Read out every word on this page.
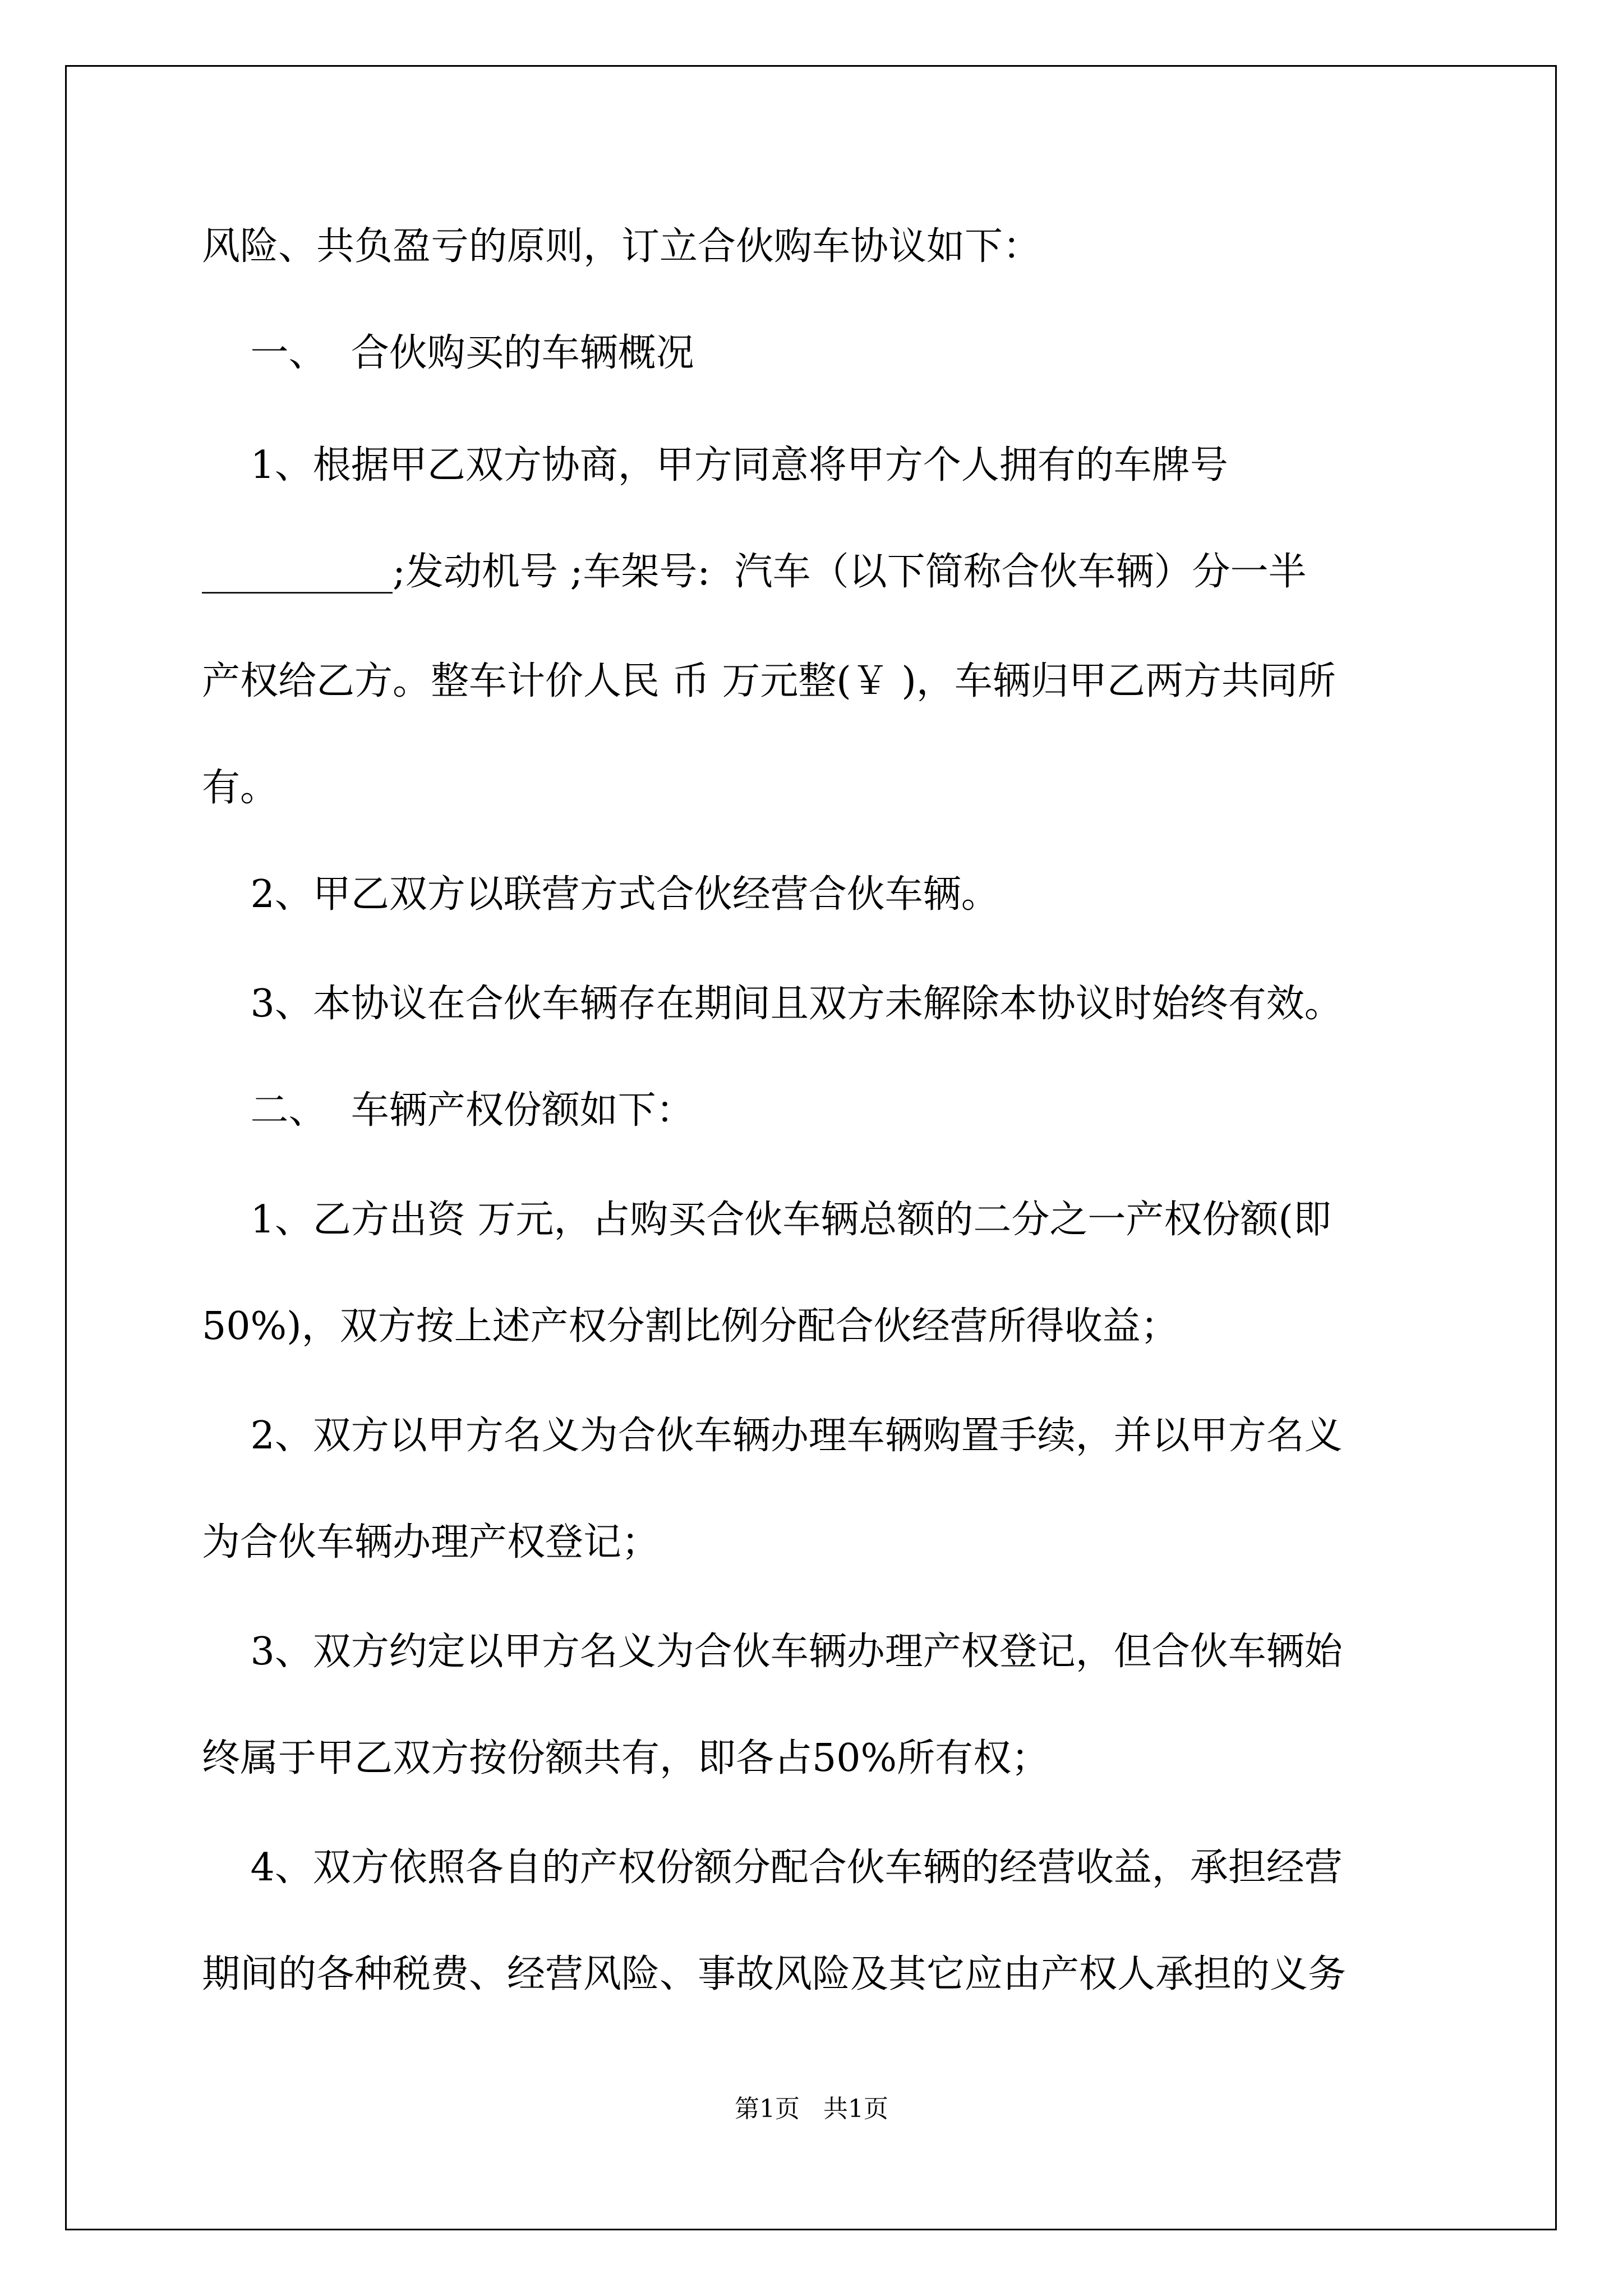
风险、共负盈亏的原则，订立合伙购车协议如下：

一、  合伙购买的车辆概况

1、根据甲乙双方协商，甲方同意将甲方个人拥有的车牌号

__________;发动机号 ;车架号:  汽车（以下简称合伙车辆）分一半

产权给乙方。整车计价人民 币 万元整(￥ )，车辆归甲乙两方共同所

有。

2、甲乙双方以联营方式合伙经营合伙车辆。

3、本协议在合伙车辆存在期间且双方未解除本协议时始终有效。

二、  车辆产权份额如下：

1、乙方出资 万元，占购买合伙车辆总额的二分之一产权份额(即

50%)，双方按上述产权分割比例分配合伙经营所得收益；

2、双方以甲方名义为合伙车辆办理车辆购置手续，并以甲方名义

为合伙车辆办理产权登记；

3、双方约定以甲方名义为合伙车辆办理产权登记，但合伙车辆始

终属于甲乙双方按份额共有，即各占50%所有权；

4、双方依照各自的产权份额分配合伙车辆的经营收益，承担经营

期间的各种税费、经营风险、事故风险及其它应由产权人承担的义务

第1页   共1页
